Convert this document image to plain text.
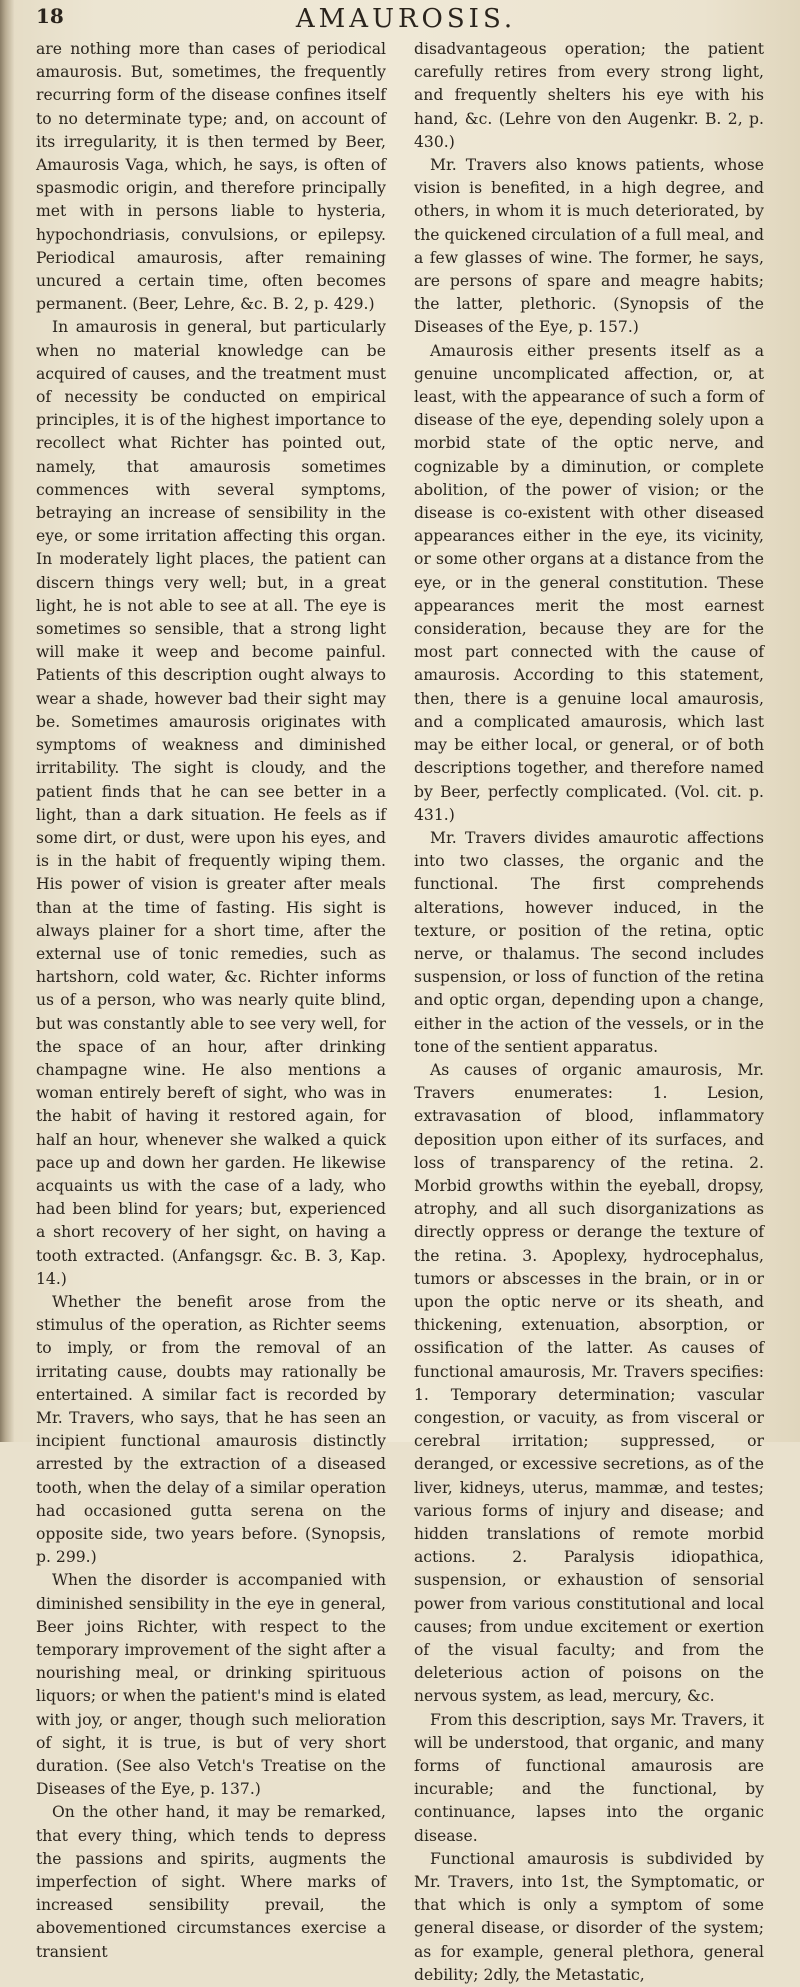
18	AMAUROSIS.

are nothing more than cases of periodical amaurosis. But, sometimes, the frequently recurring form of the disease confines itself to no determinate type; and, on account of its irregularity, it is then termed by Beer, Amaurosis Vaga, which, he says, is often of spasmodic origin, and therefore principally met with in persons liable to hysteria, hypochondriasis, convulsions, or epilepsy. Periodical amaurosis, after remaining uncured a certain time, often becomes permanent. (Beer, Lehre, &c. B. 2, p. 429.)

In amaurosis in general, but particularly when no material knowledge can be acquired of causes, and the treatment must of necessity be conducted on empirical principles, it is of the highest importance to recollect what Richter has pointed out, namely, that amaurosis sometimes commences with several symptoms, betraying an increase of sensibility in the eye, or some irritation affecting this organ. In moderately light places, the patient can discern things very well; but, in a great light, he is not able to see at all. The eye is sometimes so sensible, that a strong light will make it weep and become painful. Patients of this description ought always to wear a shade, however bad their sight may be. Sometimes amaurosis originates with symptoms of weakness and diminished irritability. The sight is cloudy, and the patient finds that he can see better in a light, than a dark situation. He feels as if some dirt, or dust, were upon his eyes, and is in the habit of frequently wiping them. His power of vision is greater after meals than at the time of fasting. His sight is always plainer for a short time, after the external use of tonic remedies, such as hartshorn, cold water, &c. Richter informs us of a person, who was nearly quite blind, but was constantly able to see very well, for the space of an hour, after drinking champagne wine. He also mentions a woman entirely bereft of sight, who was in the habit of having it restored again, for half an hour, whenever she walked a quick pace up and down her garden. He likewise acquaints us with the case of a lady, who had been blind for years; but, experienced a short recovery of her sight, on having a tooth extracted. (Anfangsgr. &c. B. 3, Kap. 14.)

Whether the benefit arose from the stimulus of the operation, as Richter seems to imply, or from the removal of an irritating cause, doubts may rationally be entertained. A similar fact is recorded by Mr. Travers, who says, that he has seen an incipient functional amaurosis distinctly arrested by the extraction of a diseased tooth, when the delay of a similar operation had occasioned gutta serena on the opposite side, two years before. (Synopsis, p. 299.)

When the disorder is accompanied with diminished sensibility in the eye in general, Beer joins Richter, with respect to the temporary improvement of the sight after a nourishing meal, or drinking spirituous liquors; or when the patient's mind is elated with joy, or anger, though such melioration of sight, it is true, is but of very short duration. (See also Vetch's Treatise on the Diseases of the Eye, p. 137.)

On the other hand, it may be remarked, that every thing, which tends to depress the passions and spirits, augments the imperfection of sight. Where marks of increased sensibility prevail, the abovementioned circumstances exercise a transient

disadvantageous operation; the patient carefully retires from every strong light, and frequently shelters his eye with his hand, &c. (Lehre von den Augenkr. B. 2, p. 430.)

Mr. Travers also knows patients, whose vision is benefited, in a high degree, and others, in whom it is much deteriorated, by the quickened circulation of a full meal, and a few glasses of wine. The former, he says, are persons of spare and meagre habits; the latter, plethoric. (Synopsis of the Diseases of the Eye, p. 157.)

Amaurosis either presents itself as a genuine uncomplicated affection, or, at least, with the appearance of such a form of disease of the eye, depending solely upon a morbid state of the optic nerve, and cognizable by a diminution, or complete abolition, of the power of vision; or the disease is co-existent with other diseased appearances either in the eye, its vicinity, or some other organs at a distance from the eye, or in the general constitution. These appearances merit the most earnest consideration, because they are for the most part connected with the cause of amaurosis. According to this statement, then, there is a genuine local amaurosis, and a complicated amaurosis, which last may be either local, or general, or of both descriptions together, and therefore named by Beer, perfectly complicated. (Vol. cit. p. 431.)

Mr. Travers divides amaurotic affections into two classes, the organic and the functional. The first comprehends alterations, however induced, in the texture, or position of the retina, optic nerve, or thalamus. The second includes suspension, or loss of function of the retina and optic organ, depending upon a change, either in the action of the vessels, or in the tone of the sentient apparatus.

As causes of organic amaurosis, Mr. Travers enumerates: 1. Lesion, extravasation of blood, inflammatory deposition upon either of its surfaces, and loss of transparency of the retina. 2. Morbid growths within the eyeball, dropsy, atrophy, and all such disorganizations as directly oppress or derange the texture of the retina. 3. Apoplexy, hydrocephalus, tumors or abscesses in the brain, or in or upon the optic nerve or its sheath, and thickening, extenuation, absorption, or ossification of the latter. As causes of functional amaurosis, Mr. Travers specifies: 1. Temporary determination; vascular congestion, or vacuity, as from visceral or cerebral irritation; suppressed, or deranged, or excessive secretions, as of the liver, kidneys, uterus, mammæ, and testes; various forms of injury and disease; and hidden translations of remote morbid actions. 2. Paralysis idiopathica, suspension, or exhaustion of sensorial power from various constitutional and local causes; from undue excitement or exertion of the visual faculty; and from the deleterious action of poisons on the nervous system, as lead, mercury, &c.

From this description, says Mr. Travers, it will be understood, that organic, and many forms of functional amaurosis are incurable; and the functional, by continuance, lapses into the organic disease.

Functional amaurosis is subdivided by Mr. Travers, into 1st, the Symptomatic, or that which is only a symptom of some general disease, or disorder of the system; as for example, general plethora, general debility; 2dly, the Metastatic,
